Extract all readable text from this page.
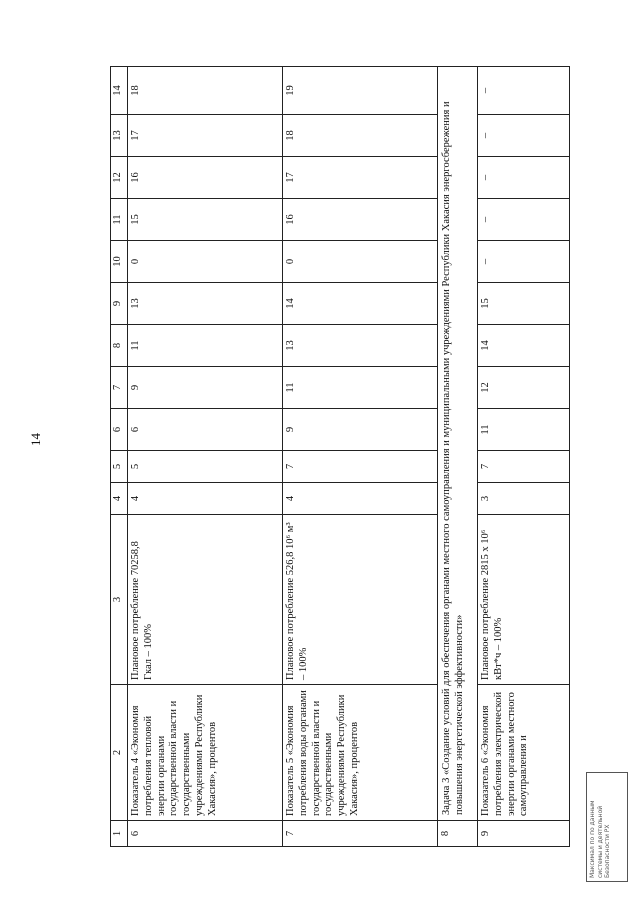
14
1	2	3	4	5	6	7	8	9	10	11	12	13	14
6	Показатель 4 «Экономия потребления тепловой энергии органами государственной власти и государственными учреждениями Республики Хакасия», процентов	Плановое потребление 70258,8 Гкал – 100%	4	5	6	9	11	13	0	15	16	17	18
7	Показатель 5 «Экономия потребления воды органами государственной власти и государственными учреждениями Республики Хакасия», процентов	Плановое потребление 526,8 10⁶ м³ – 100%	4	7	9	11	13	14	0	16	17	18	19
8	Задача 3 «Создание условий для обеспечения органами местного самоуправления и муниципальными учреждениями Республики Хакасия энергосбережения и повышения энергетической эффективности»												
9	Показатель 6 «Экономия потребления электрической энергии органами местного самоуправления и	Плановое потребление 2815 х 10⁶ кВт*ч – 100%	3	7	11	12	14	15	–	–	–	–	–
Максимал по по данным системы и деятельной Безопасности РХ
